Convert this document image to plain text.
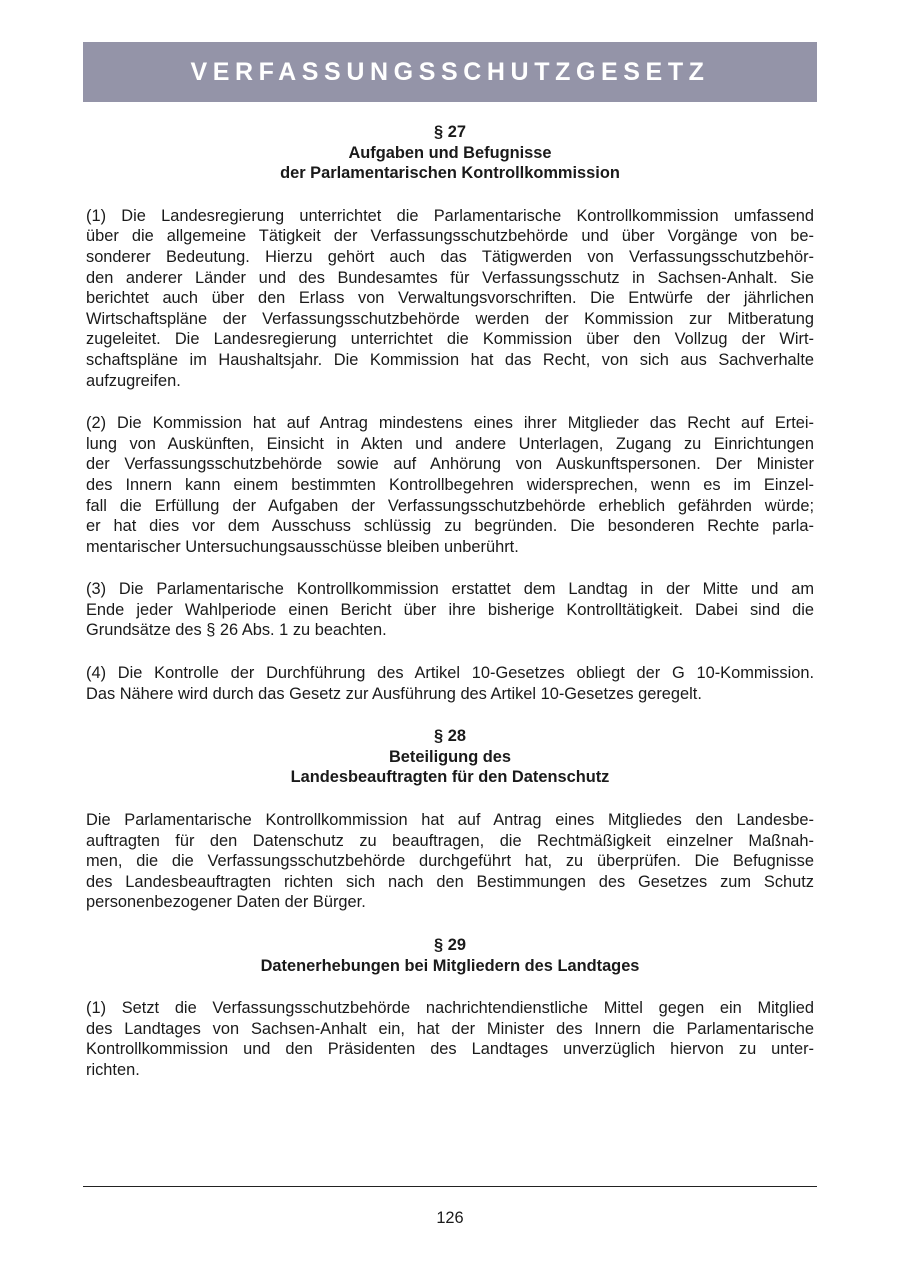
VERFASSUNGSSCHUTZGESETZ
§ 27
Aufgaben und Befugnisse
der Parlamentarischen Kontrollkommission
(1) Die Landesregierung unterrichtet die Parlamentarische Kontrollkommission umfassend
über die allgemeine Tätigkeit der Verfassungsschutzbehörde und über Vorgänge von be-
sonderer Bedeutung. Hierzu gehört auch das Tätigwerden von Verfassungsschutzbehör-
den anderer Länder und des Bundesamtes für Verfassungsschutz in Sachsen-Anhalt. Sie
berichtet auch über den Erlass von Verwaltungsvorschriften. Die Entwürfe der jährlichen
Wirtschaftspläne der Verfassungsschutzbehörde werden der Kommission zur Mitberatung
zugeleitet. Die Landesregierung unterrichtet die Kommission über den Vollzug der Wirt-
schaftspläne im Haushaltsjahr. Die Kommission hat das Recht, von sich aus Sachverhalte
aufzugreifen.
(2) Die Kommission hat auf Antrag mindestens eines ihrer Mitglieder das Recht auf Ertei-
lung von Auskünften, Einsicht in Akten und andere Unterlagen, Zugang zu Einrichtungen
der Verfassungsschutzbehörde sowie auf Anhörung von Auskunftspersonen. Der Minister
des Innern kann einem bestimmten Kontrollbegehren widersprechen, wenn es im Einzel-
fall die Erfüllung der Aufgaben der Verfassungsschutzbehörde erheblich gefährden würde;
er hat dies vor dem Ausschuss schlüssig zu begründen. Die besonderen Rechte parla-
mentarischer Untersuchungsausschüsse bleiben unberührt.
(3) Die Parlamentarische Kontrollkommission erstattet dem Landtag in der Mitte und am
Ende jeder Wahlperiode einen Bericht über ihre bisherige Kontrolltätigkeit. Dabei sind die
Grundsätze des § 26 Abs. 1 zu beachten.
(4) Die Kontrolle der Durchführung des Artikel 10-Gesetzes obliegt der G 10-Kommission.
Das Nähere wird durch das Gesetz zur Ausführung des Artikel 10-Gesetzes geregelt.
§ 28
Beteiligung des
Landesbeauftragten für den Datenschutz
Die Parlamentarische Kontrollkommission hat auf Antrag eines Mitgliedes den Landesbe-
auftragten für den Datenschutz zu beauftragen, die Rechtmäßigkeit einzelner Maßnah-
men, die die Verfassungsschutzbehörde durchgeführt hat, zu überprüfen. Die Befugnisse
des Landesbeauftragten richten sich nach den Bestimmungen des Gesetzes zum Schutz
personenbezogener Daten der Bürger.
§ 29
Datenerhebungen bei Mitgliedern des Landtages
(1) Setzt die Verfassungsschutzbehörde nachrichtendienstliche Mittel gegen ein Mitglied
des Landtages von Sachsen-Anhalt ein, hat der Minister des Innern die Parlamentarische
Kontrollkommission und den Präsidenten des Landtages unverzüglich hiervon zu unter-
richten.
126
